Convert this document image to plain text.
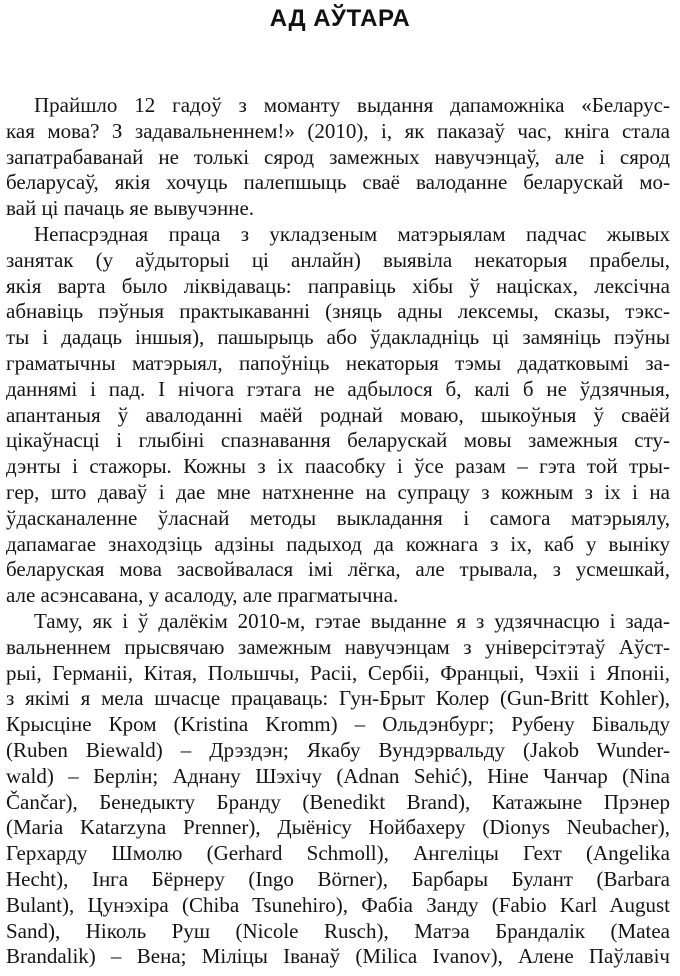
АД АЎТАРА

Прайшло 12 гадоў з моманту выдання дапаможніка «Беларус-
кая мова? З задавальненнем!» (2010), і, як паказаў час, кніга стала
запатрабаванай не толькі сярод замежных навучэнцаў, але і сярод
беларусаў, якія хочуць палепшыць сваё валоданне беларускай мо-
вай ці пачаць яе вывучэнне.

Непасрэдная праца з укладзеным матэрыялам падчас жывых
занятак (у аўдыторыі ці анлайн) выявіла некаторыя прабелы,
якія варта было ліквідаваць: паправіць хібы ў націсках, лексічна
абнавіць пэўныя практыкаванні (зняць адны лексемы, сказы, тэкс-
ты і дадаць іншыя), пашырыць або ўдакладніць ці замяніць пэўны
граматычны матэрыял, папоўніць некаторыя тэмы дадатковымі за-
даннямі і пад. І нічога гэтага не адбылося б, калі б не ўдзячныя,
апантаныя ў авалоданні маёй роднай моваю, шыкоўныя ў сваёй
цікаўнасці і глыбіні спазнавання беларускай мовы замежныя сту-
дэнты і стажоры. Кожны з іх паасобку і ўсе разам – гэта той тры-
гер, што даваў і дае мне натхненне на супрацу з кожным з іх і на
ўдасканаленне ўласнай методы выкладання і самога матэрыялу,
дапамагае знаходзіць адзіны падыход да кожнага з іх, каб у выніку
беларуская мова засвойвалася імі лёгка, але трывала, з усмешкай,
але асэнсавана, у асалоду, але прагматычна.

Таму, як і ў далёкім 2010-м, гэтае выданне я з удзячнасцю і зада-
вальненнем прысвячаю замежным навучэнцам з універсітэтаў Аўст-
рыі, Германіі, Кітая, Польшчы, Расіі, Сербіі, Францыі, Чэхіі і Японіі,
з якімі я мела шчасце працаваць: Гун-Брыт Колер (Gun-Britt Kohler),
Крысціне Кром (Kristina Kromm) – Ольдэнбург; Рубену Бівальду
(Ruben Biewald) – Дрэздэн; Якабу Вундэрвальду (Jakob Wunder-
wald) – Берлін; Аднану Шэхічу (Adnan Sehić), Ніне Чанчар (Nina
Čančar), Бенедыкту Бранду (Benedikt Brand), Катажыне Прэнер
(Maria Katarzyna Prenner), Дыёнісу Нойбахеру (Dionys Neubacher),
Герхарду Шмолю (Gerhard Schmoll), Ангеліцы Гехт (Angelika
Hecht), Інга Бёрнеру (Ingo Börner), Барбары Булант (Barbara
Bulant), Цунэхіра (Chiba Tsunehiro), Фабіа Занду (Fabio Karl August
Sand), Ніколь Руш (Nicole Rusch), Матэа Брандалік (Matea
Brandalik) – Вена; Міліцы Іванаў (Milica Ivanov), Алене Паўлавіч
